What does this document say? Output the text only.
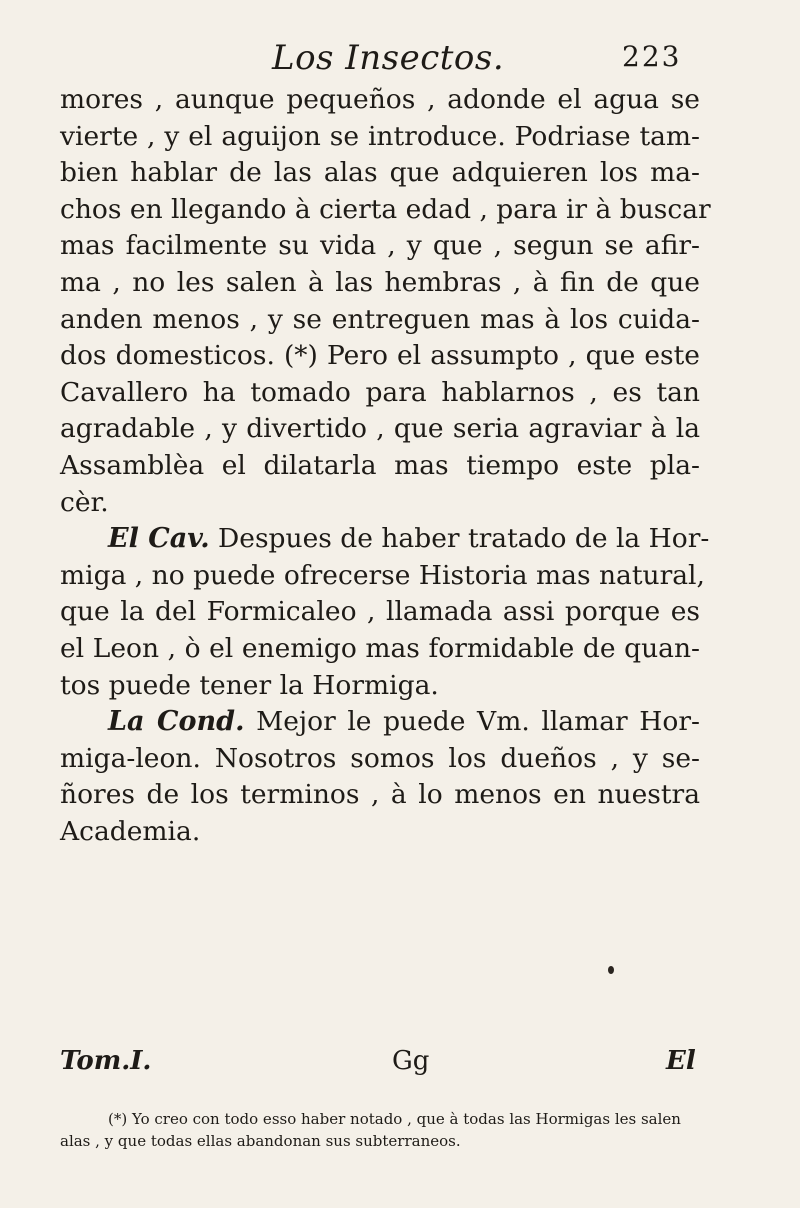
Los Insectos.	223
mores , aunque pequeños , adonde el agua se
vierte , y el aguijon se introduce. Podriase tam-
bien hablar de las alas que adquieren los ma-
chos en llegando à cierta edad , para ir à buscar
mas facilmente su vida , y que , segun se afir-
ma , no les salen à las hembras , à fin de que
anden menos , y se entreguen mas à los cuida-
dos domesticos. (*) Pero el assumpto , que este
Cavallero ha tomado para hablarnos , es tan
agradable , y divertido , que seria agraviar à la
Assamblèa el dilatarla mas tiempo este pla-
cèr.
El Cav. Despues de haber tratado de la Hor-
miga , no puede ofrecerse Historia mas natural,
que la del Formicaleo , llamada assi porque es
el Leon , ò el enemigo mas formidable de quan-
tos puede tener la Hormiga.
La Cond. Mejor le puede Vm. llamar Hor-
miga-leon. Nosotros somos los dueños , y se-
ñores de los terminos , à lo menos en nuestra
Academia.
Tom.I.	Gg	El
(*) Yo creo con todo esso haber notado , que à todas las Hormigas les salen
alas , y que todas ellas abandonan sus subterraneos.
